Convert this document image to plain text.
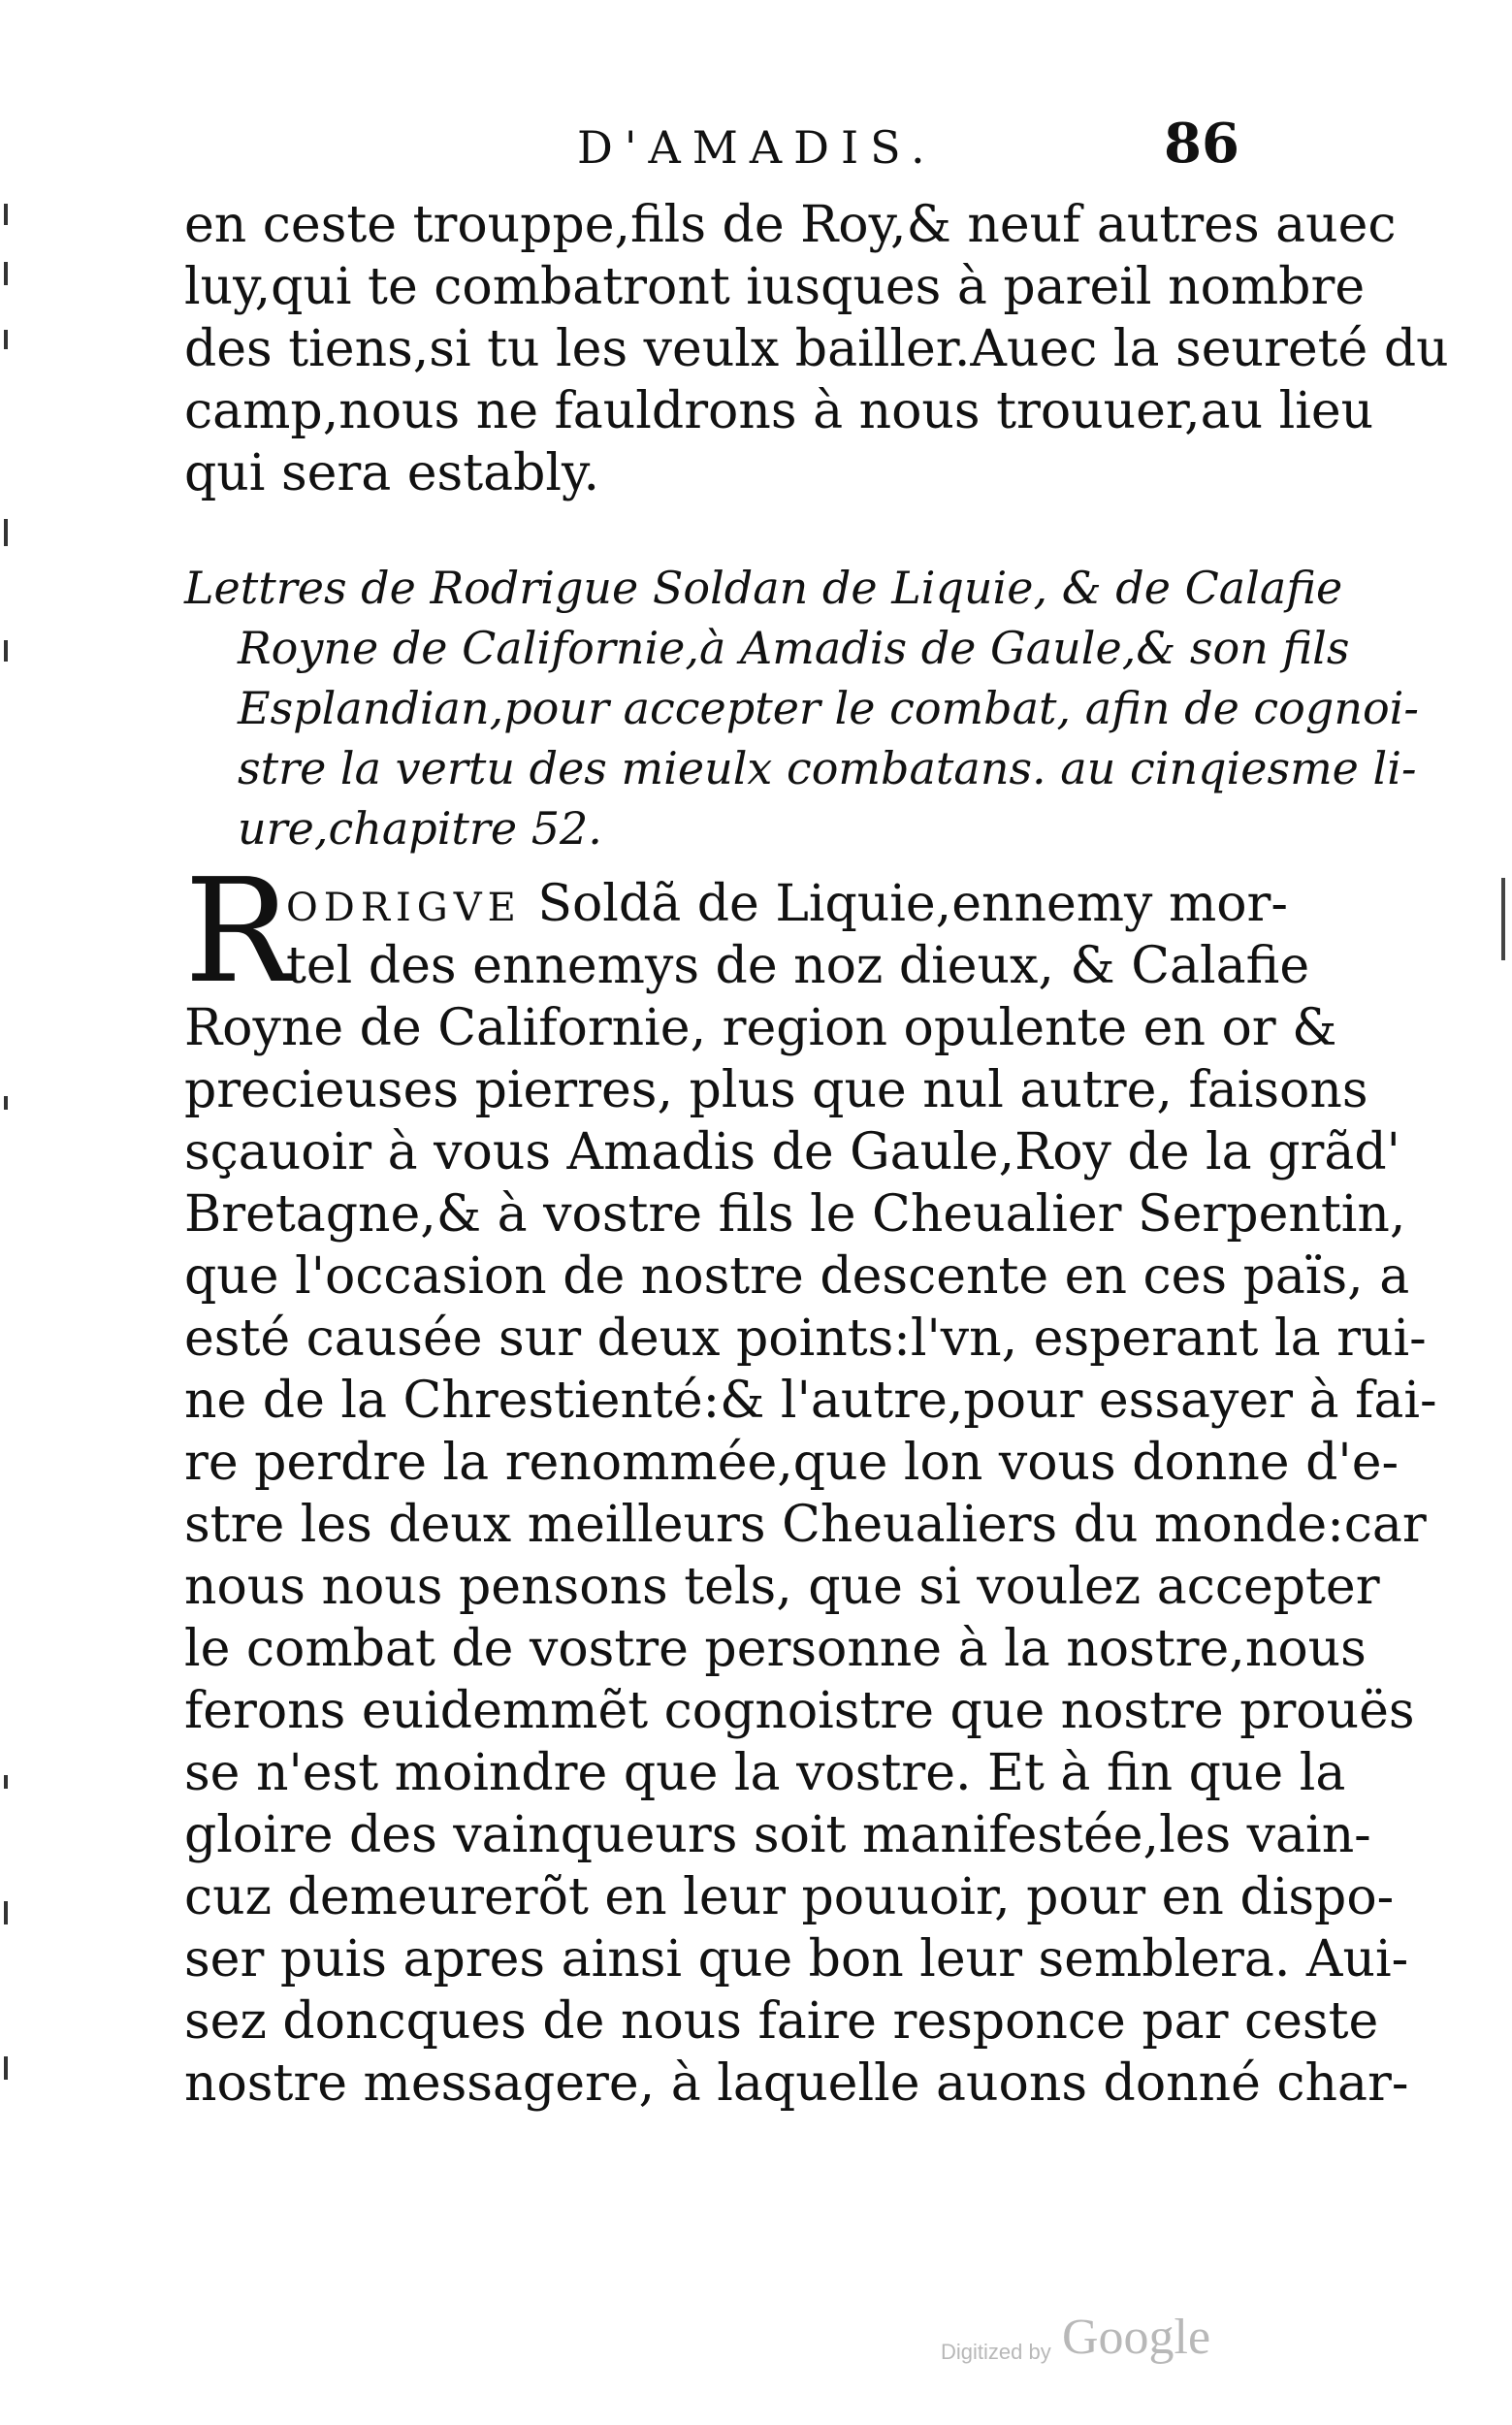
D'AMADIS.	86
en ceste trouppe,fils de Roy,& neuf autres auec
luy,qui te combatront iusques à pareil nombre
des tiens,si tu les veulx bailler.Auec la seureté du
camp,nous ne fauldrons à nous trouuer,au lieu
qui sera estably.
Lettres de Rodrigue Soldan de Liquie, & de Calafie
Royne de Californie,à Amadis de Gaule,& son fils
Esplandian,pour accepter le combat, afin de cognoi-
stre la vertu des mieulx combatans. au cinqiesme li-
ure,chapitre 52.
R
ODRIGVE Soldã de Liquie,ennemy mor-
tel des ennemys de noz dieux, & Calafie
Royne de Californie, region opulente en or &
precieuses pierres, plus que nul autre, faisons
sçauoir à vous Amadis de Gaule,Roy de la grãd'
Bretagne,& à vostre fils le Cheualier Serpentin,
que l'occasion de nostre descente en ces païs, a
esté causée sur deux points:l'vn, esperant la rui-
ne de la Chrestienté:& l'autre,pour essayer à fai-
re perdre la renommée,que lon vous donne d'e-
stre les deux meilleurs Cheualiers du monde:car
nous nous pensons tels, que si voulez accepter
le combat de vostre personne à la nostre,nous
ferons euidemmẽt cognoistre que nostre prouës
se n'est moindre que la vostre. Et à fin que la
gloire des vainqueurs soit manifestée,les vain-
cuz demeurerõt en leur pouuoir, pour en dispo-
ser puis apres ainsi que bon leur semblera. Aui-
sez doncques de nous faire responce par ceste
nostre messagere, à laquelle auons donné char-
Digitized by Google
